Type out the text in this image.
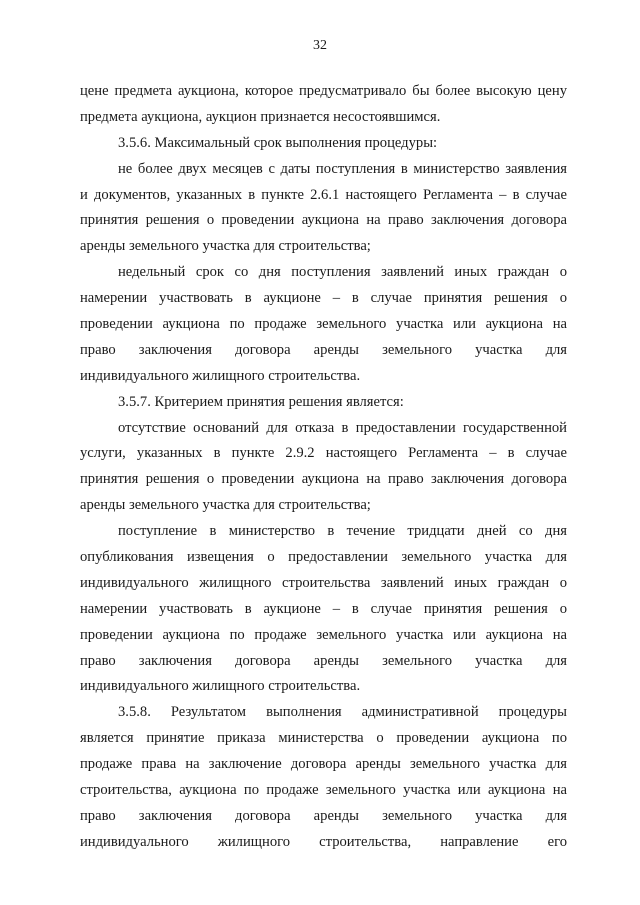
32
цене предмета аукциона, которое предусматривало бы более высокую цену
предмета аукциона, аукцион признается несостоявшимся.
3.5.6. Максимальный срок выполнения процедуры:
не более двух месяцев с даты поступления в министерство заявления
и документов, указанных в пункте 2.6.1 настоящего Регламента – в случае
принятия решения о проведении аукциона на право заключения договора
аренды земельного участка для строительства;
недельный срок со дня поступления заявлений иных граждан о
намерении участвовать в аукционе – в случае принятия решения о
проведении аукциона по продаже земельного участка или аукциона на
право заключения договора аренды земельного участка для
индивидуального жилищного строительства.
3.5.7. Критерием принятия решения является:
отсутствие оснований для отказа в предоставлении государственной
услуги, указанных в пункте 2.9.2 настоящего Регламента – в случае
принятия решения о проведении аукциона на право заключения договора
аренды земельного участка для строительства;
поступление в министерство в течение тридцати дней со дня
опубликования извещения о предоставлении земельного участка для
индивидуального жилищного строительства заявлений иных граждан о
намерении участвовать в аукционе – в случае принятия решения о
проведении аукциона по продаже земельного участка или аукциона на
право заключения договора аренды земельного участка для
индивидуального жилищного строительства.
3.5.8. Результатом выполнения административной процедуры
является принятие приказа министерства о проведении аукциона по
продаже права на заключение договора аренды земельного участка для
строительства, аукциона по продаже земельного участка или аукциона на
право заключения договора аренды земельного участка для
индивидуального жилищного строительства, направление его
